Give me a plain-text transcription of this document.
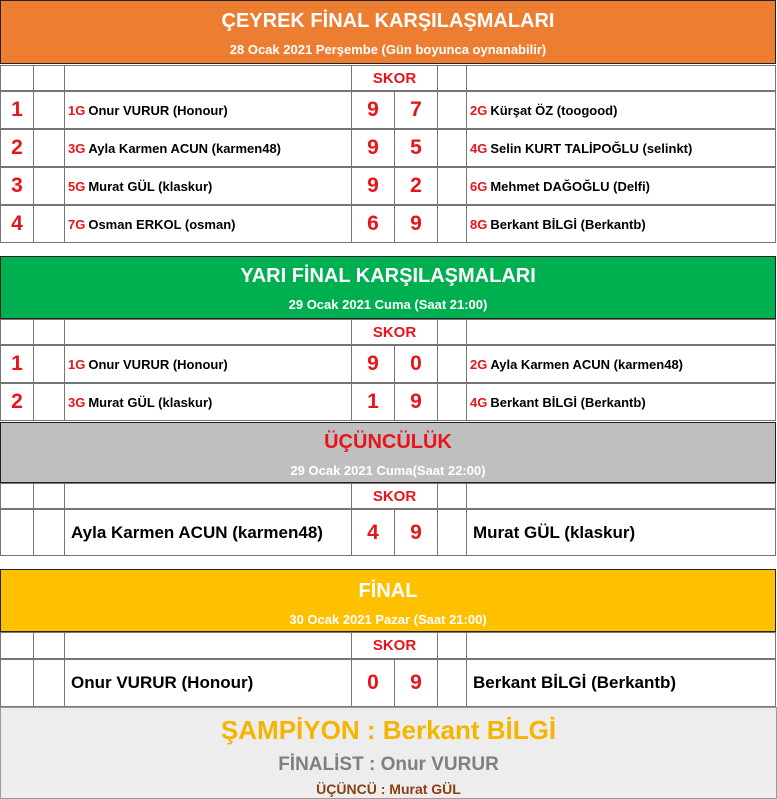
ÇEYREK FİNAL KARŞILAŞMALARI
28 Ocak 2021 Perşembe (Gün boyunca oynanabilir)
SKOR
1	1G Onur VURUR (Honour)	9	7	2G Kürşat ÖZ (toogood)
2	3G Ayla Karmen ACUN (karmen48)	9	5	4G Selin KURT TALİPOĞLU (selinkt)
3	5G Murat GÜL (klaskur)	9	2	6G Mehmet DAĞOĞLU (Delfi)
4	7G Osman ERKOL (osman)	6	9	8G Berkant BİLGİ (Berkantb)
YARI FİNAL KARŞILAŞMALARI
29 Ocak 2021 Cuma (Saat 21:00)
SKOR
1	1G Onur VURUR (Honour)	9	0	2G Ayla Karmen ACUN (karmen48)
2	3G Murat GÜL (klaskur)	1	9	4G Berkant BİLGİ (Berkantb)
ÜÇÜNCÜLÜK
29 Ocak 2021 Cuma(Saat 22:00)
SKOR
Ayla Karmen ACUN (karmen48)	4	9	Murat GÜL (klaskur)
FİNAL
30 Ocak 2021 Pazar (Saat 21:00)
SKOR
Onur VURUR (Honour)	0	9	Berkant BİLGİ (Berkantb)
ŞAMPİYON : Berkant BİLGİ
FİNALİST : Onur VURUR
ÜÇÜNCÜ : Murat GÜL
